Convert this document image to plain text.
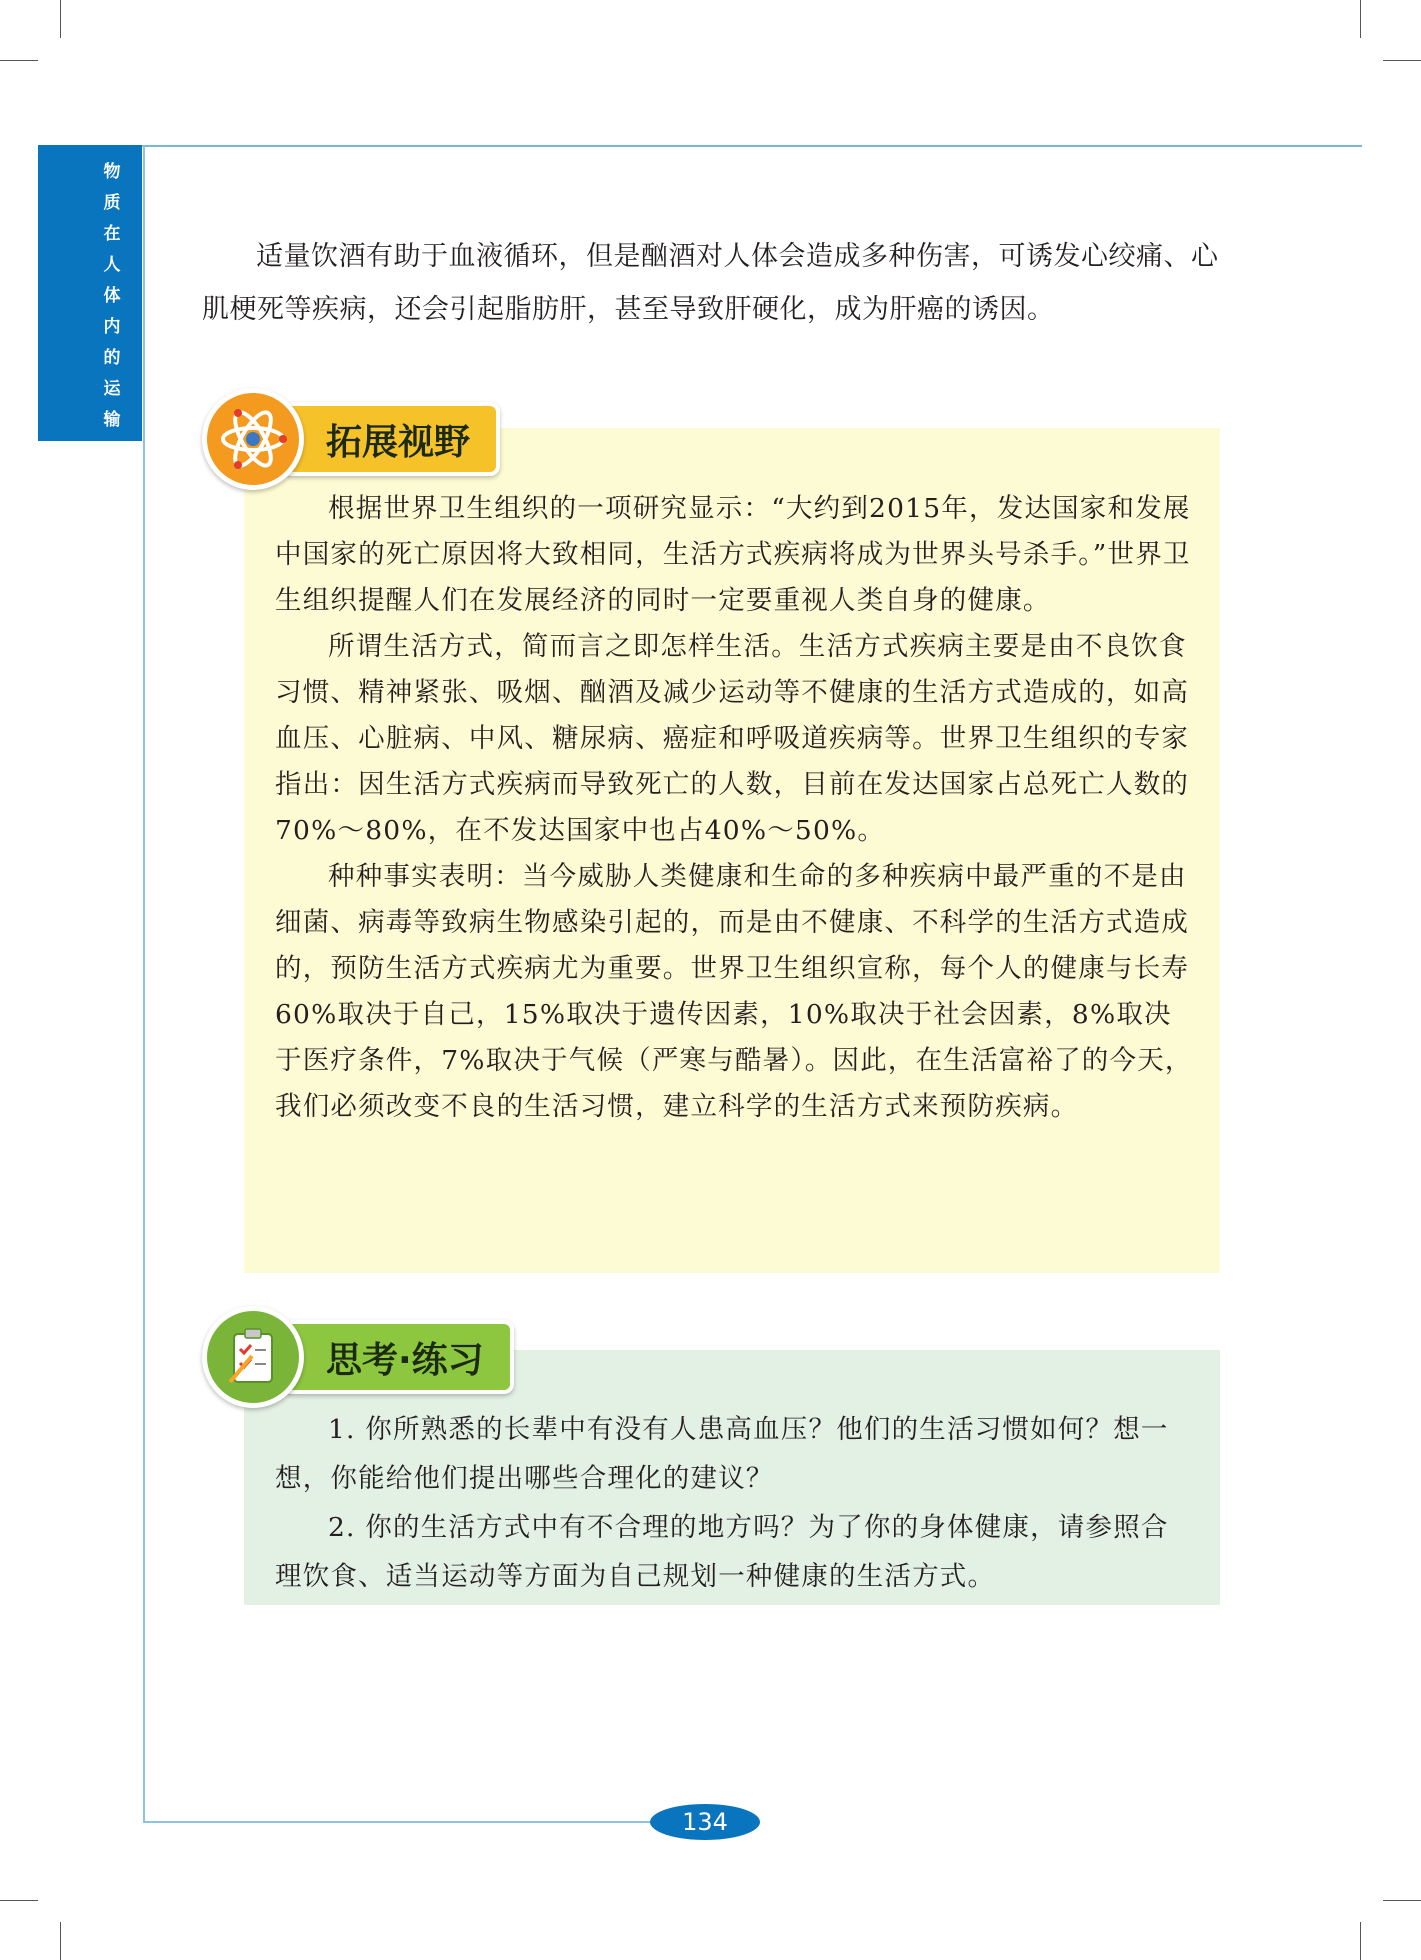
物
质
在
人
体
内
的
运
输
适量饮酒有助于血液循环，但是酗酒对人体会造成多种伤害，可诱发心绞痛、心肌梗死等疾病，还会引起脂肪肝，甚至导致肝硬化，成为肝癌的诱因。
拓展视野

根据世界卫生组织的一项研究显示：“大约到2015年，发达国家和发展中国家的死亡原因将大致相同，生活方式疾病将成为世界头号杀手。”世界卫生组织提醒人们在发展经济的同时一定要重视人类自身的健康。

所谓生活方式，简而言之即怎样生活。生活方式疾病主要是由不良饮食习惯、精神紧张、吸烟、酗酒及减少运动等不健康的生活方式造成的，如高血压、心脏病、中风、糖尿病、癌症和呼吸道疾病等。世界卫生组织的专家指出：因生活方式疾病而导致死亡的人数，目前在发达国家占总死亡人数的70%～80%，在不发达国家中也占40%～50%。

种种事实表明：当今威胁人类健康和生命的多种疾病中最严重的不是由细菌、病毒等致病生物感染引起的，而是由不健康、不科学的生活方式造成的，预防生活方式疾病尤为重要。世界卫生组织宣称，每个人的健康与长寿60%取决于自己，15%取决于遗传因素，10%取决于社会因素，8%取决于医疗条件，7%取决于气候（严寒与酷暑）。因此，在生活富裕了的今天，我们必须改变不良的生活习惯，建立科学的生活方式来预防疾病。

思考·练习

1. 你所熟悉的长辈中有没有人患高血压？他们的生活习惯如何？想一想，你能给他们提出哪些合理化的建议？

2. 你的生活方式中有不合理的地方吗？为了你的身体健康，请参照合理饮食、适当运动等方面为自己规划一种健康的生活方式。

134
